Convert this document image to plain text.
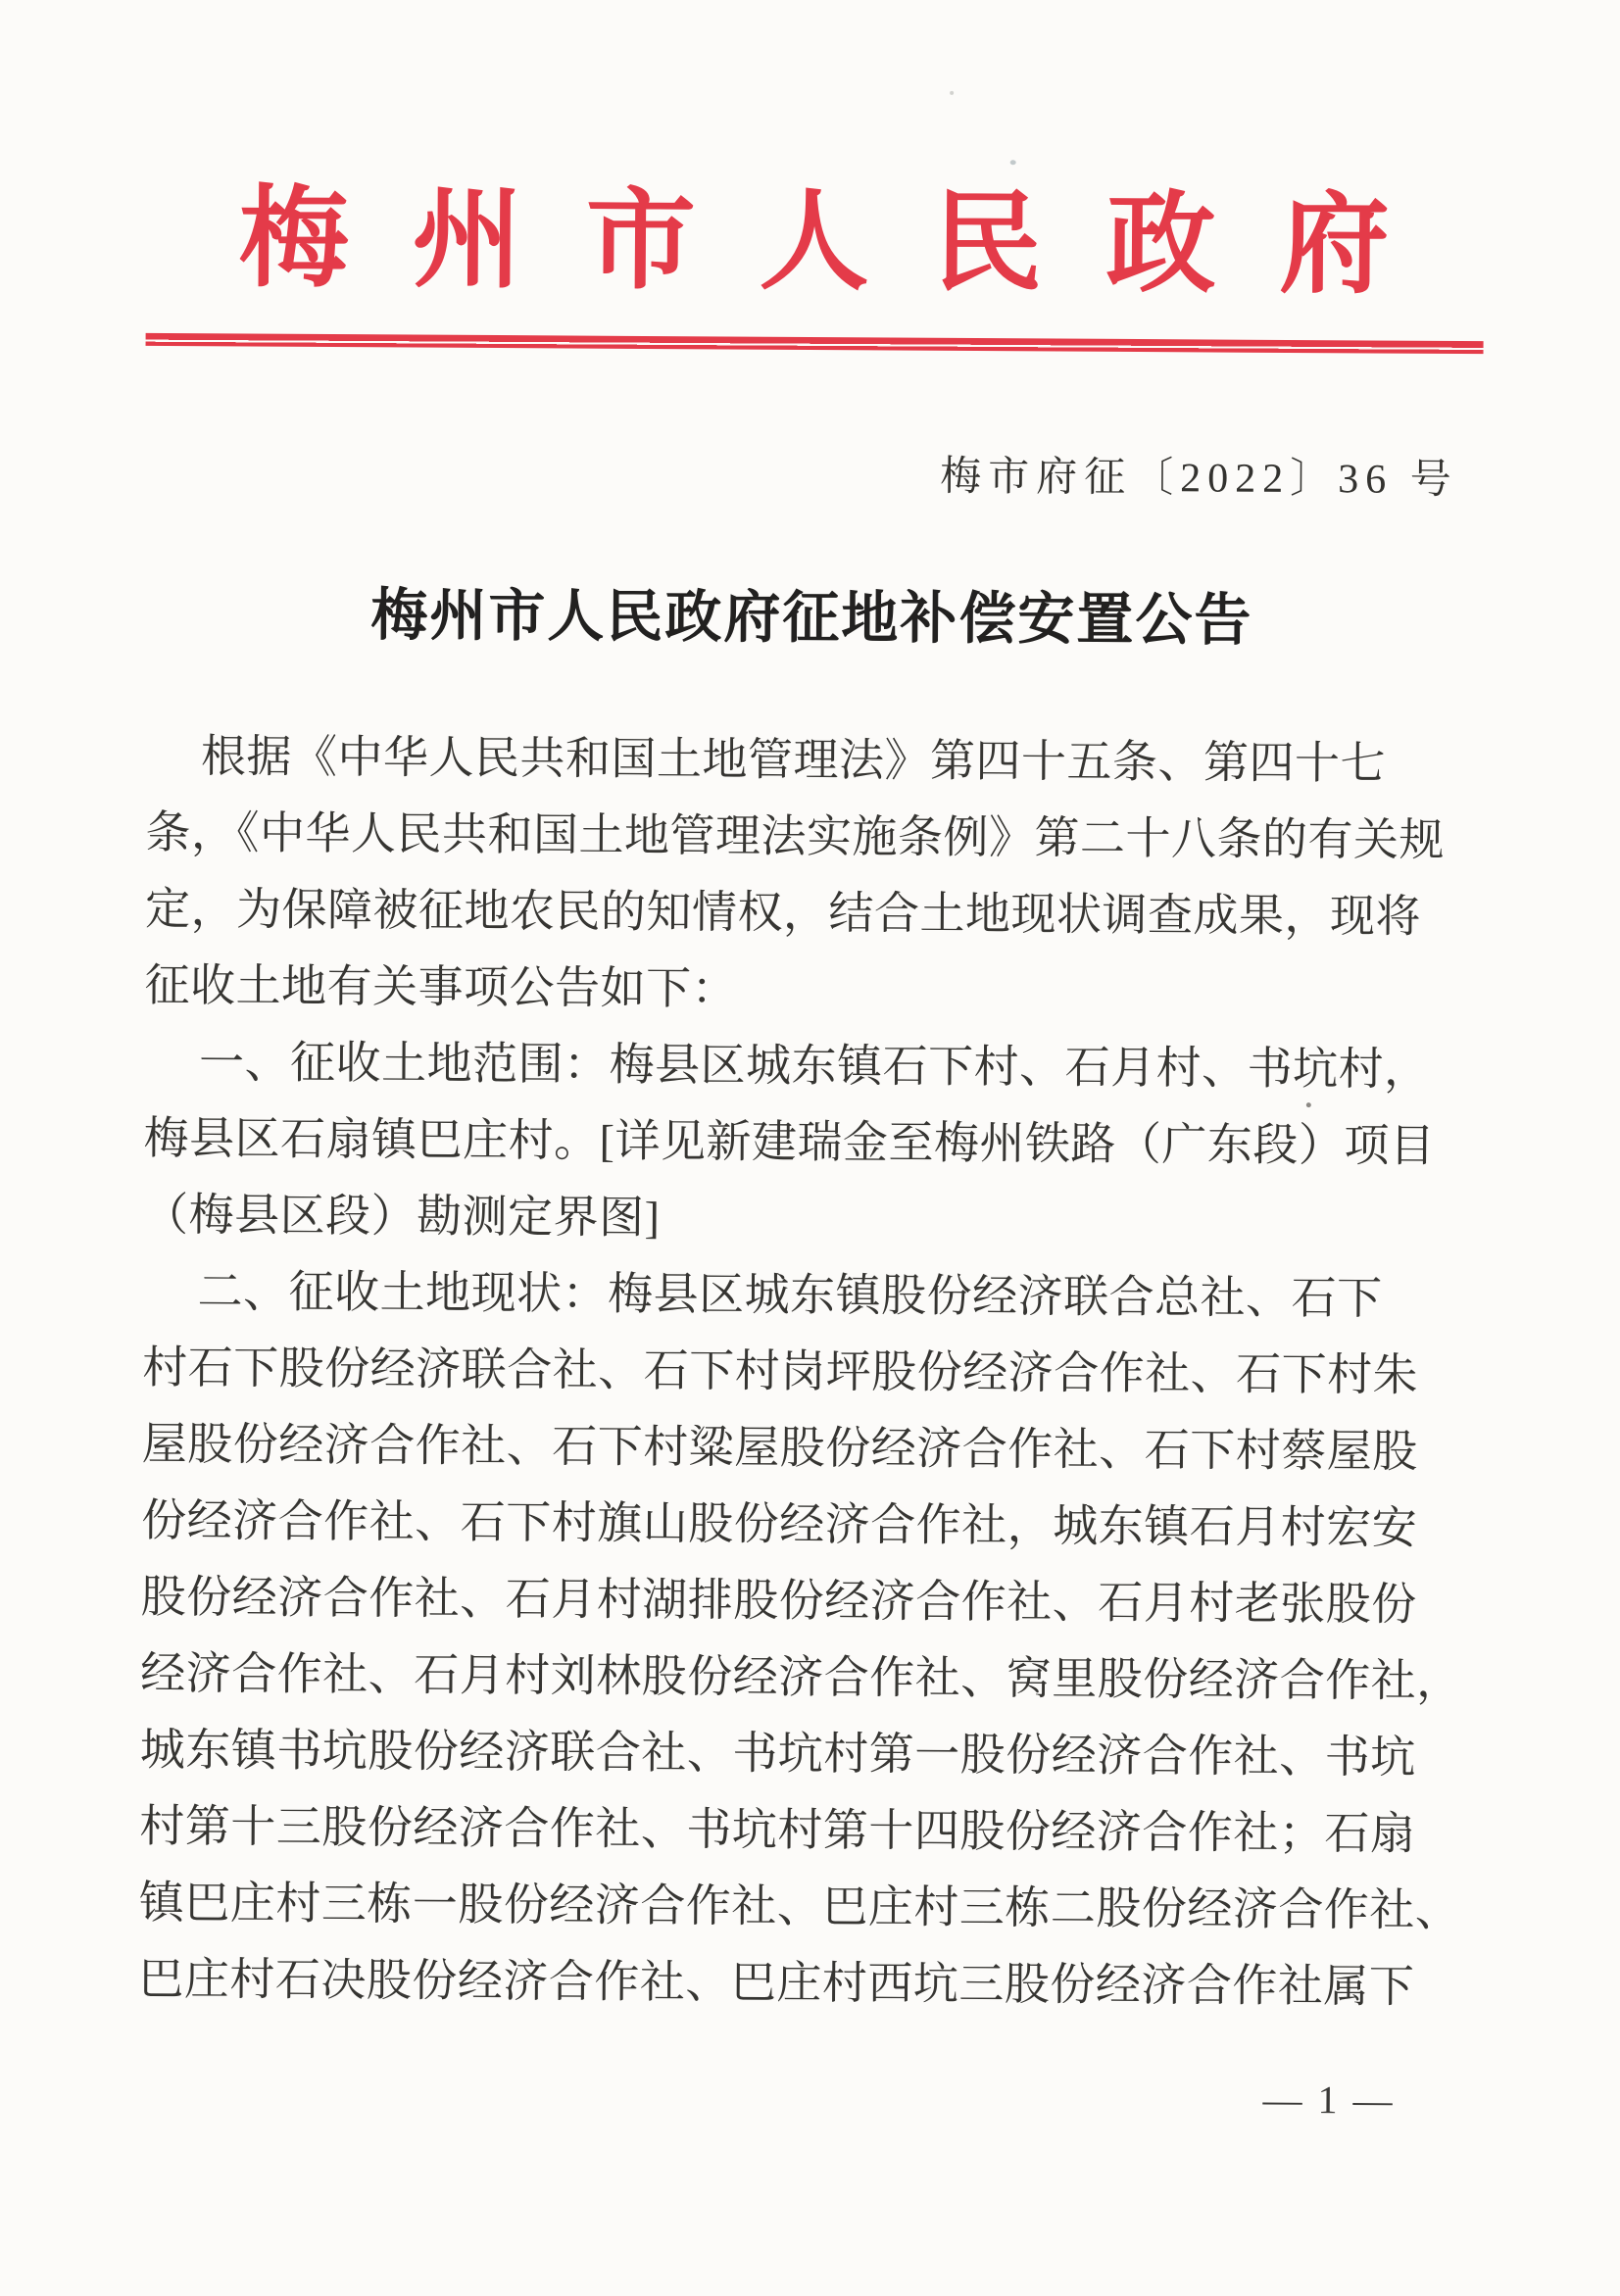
梅州市人民政府
梅市府征〔2022〕36 号
梅州市人民政府征地补偿安置公告
根据《中华人民共和国土地管理法》第四十五条、第四十七
条，《中华人民共和国土地管理法实施条例》第二十八条的有关规
定，为保障被征地农民的知情权，结合土地现状调查成果，现将
征收土地有关事项公告如下：
一、征收土地范围：梅县区城东镇石下村、石月村、书坑村，
梅县区石扇镇巴庄村。[详见新建瑞金至梅州铁路（广东段）项目
（梅县区段）勘测定界图]
二、征收土地现状：梅县区城东镇股份经济联合总社、石下
村石下股份经济联合社、石下村岗坪股份经济合作社、石下村朱
屋股份经济合作社、石下村粱屋股份经济合作社、石下村蔡屋股
份经济合作社、石下村旗山股份经济合作社，城东镇石月村宏安
股份经济合作社、石月村湖排股份经济合作社、石月村老张股份
经济合作社、石月村刘林股份经济合作社、窝里股份经济合作社，
城东镇书坑股份经济联合社、书坑村第一股份经济合作社、书坑
村第十三股份经济合作社、书坑村第十四股份经济合作社；石扇
镇巴庄村三栋一股份经济合作社、巴庄村三栋二股份经济合作社、
巴庄村石决股份经济合作社、巴庄村西坑三股份经济合作社属下
— 1 —
